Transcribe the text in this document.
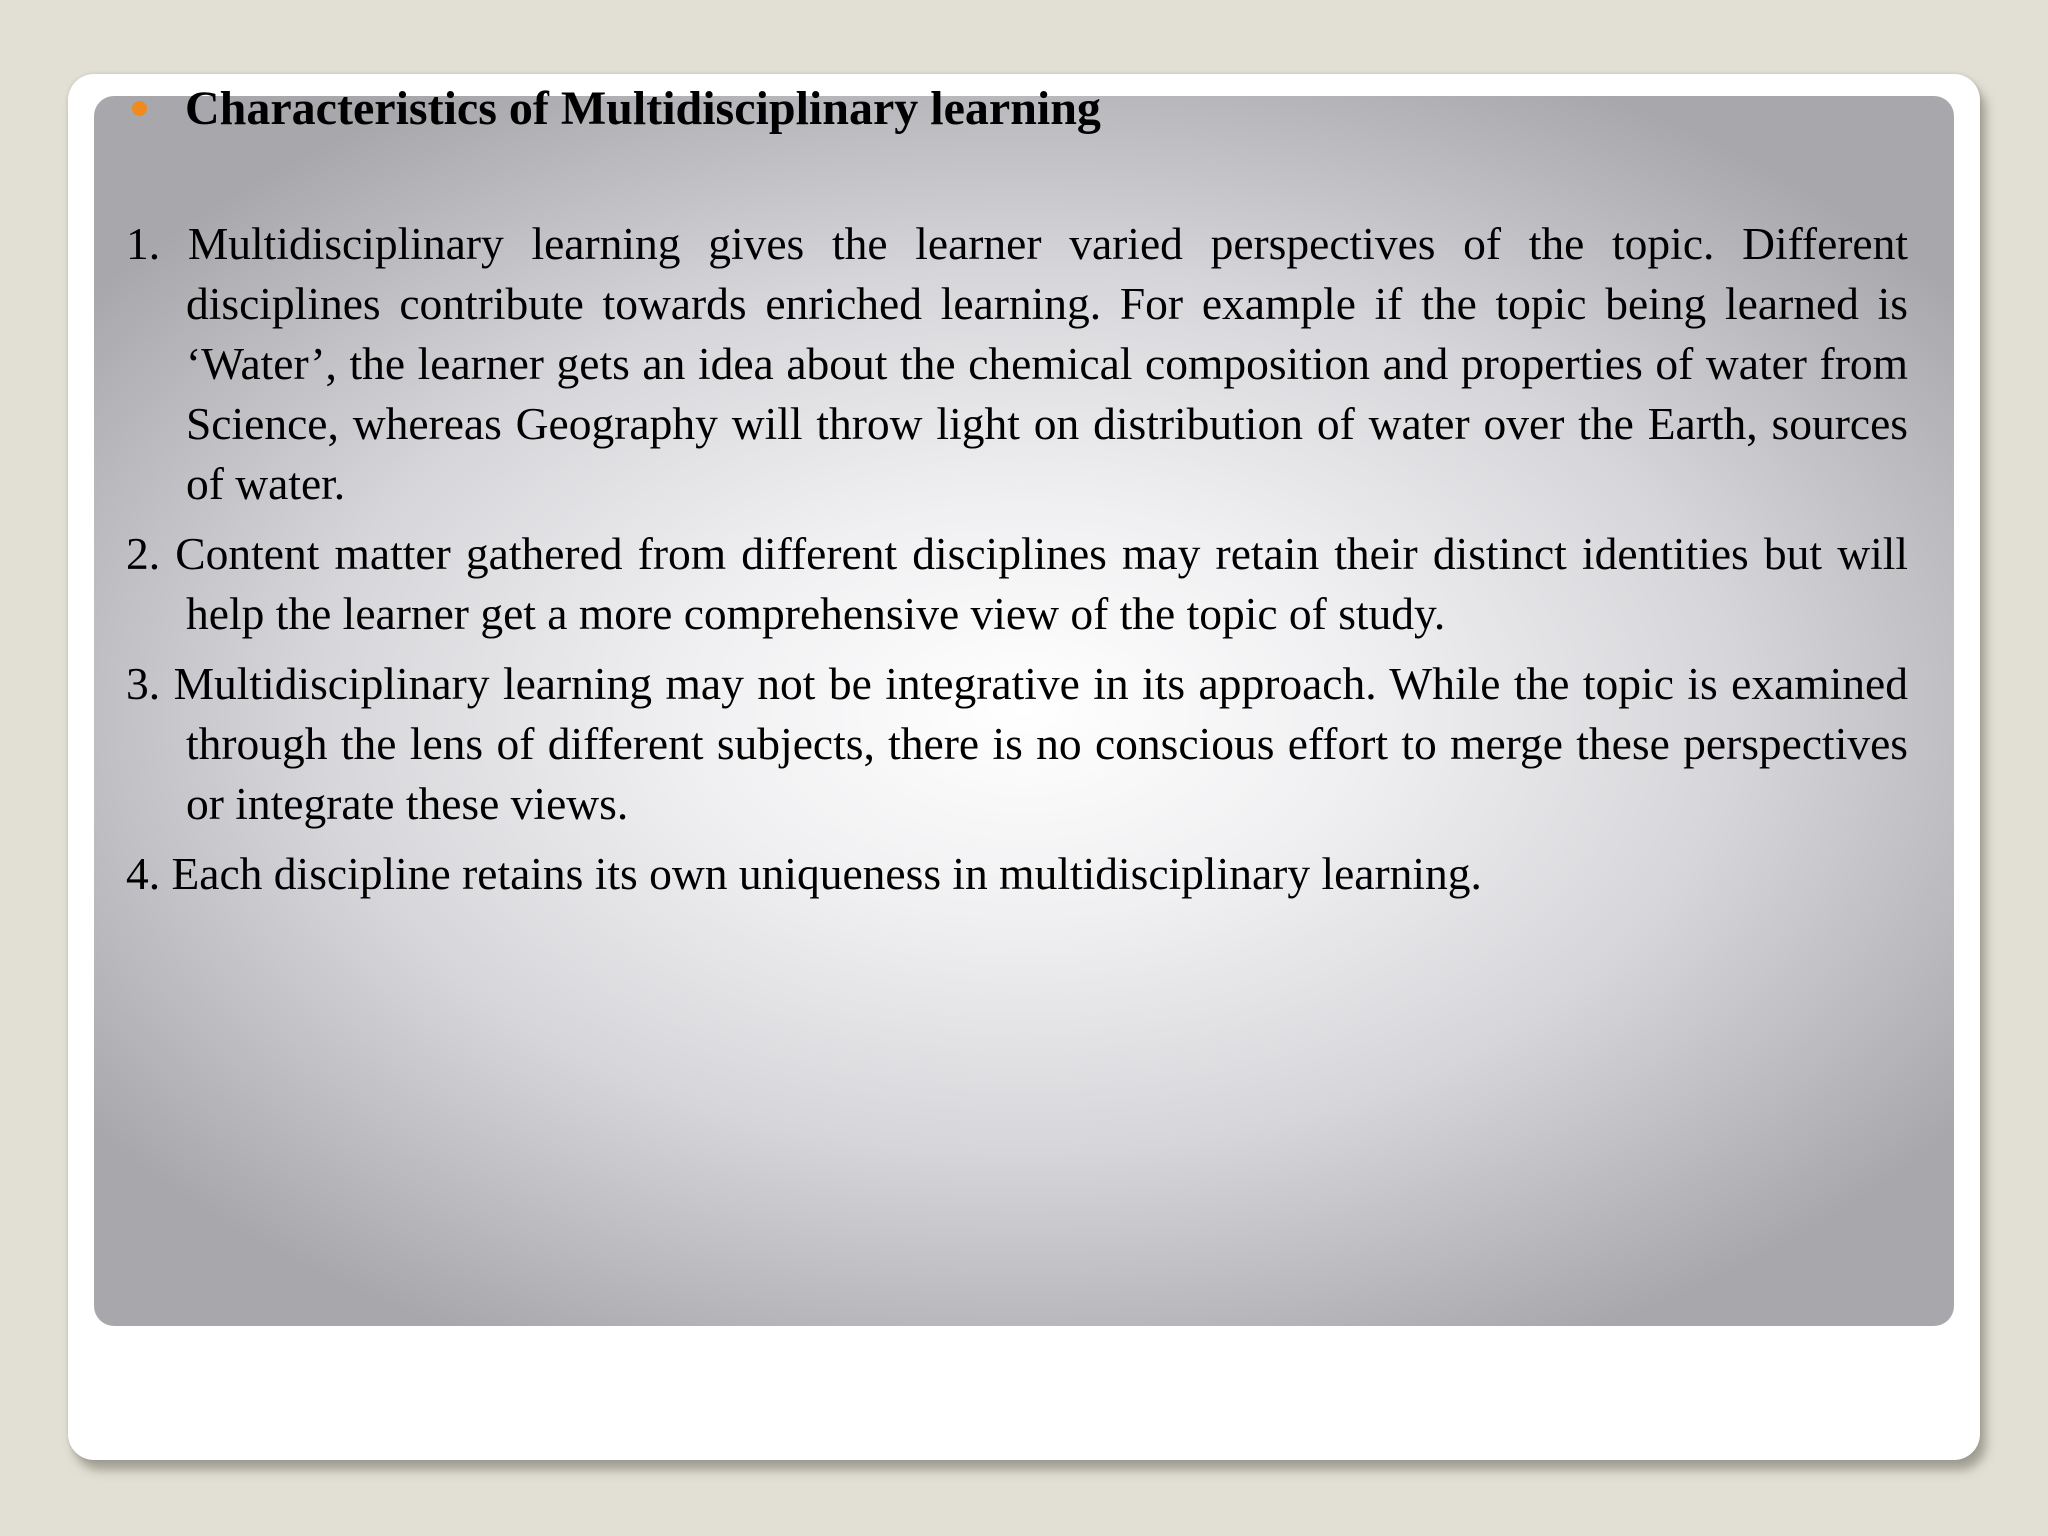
Characteristics of Multidisciplinary learning
1. Multidisciplinary learning gives the learner varied perspectives of the topic. Different disciplines contribute towards enriched learning. For example if the topic being learned is ‘Water’, the learner gets an idea about the chemical composition and properties of water from Science, whereas Geography will throw light on distribution of water over the Earth, sources of water.
2. Content matter gathered from different disciplines may retain their distinct identities but will help the learner get a more comprehensive view of the topic of study.
3. Multidisciplinary learning may not be integrative in its approach. While the topic is examined through the lens of different subjects, there is no conscious effort to merge these perspectives or integrate these views.
4. Each discipline retains its own uniqueness in multidisciplinary learning.
